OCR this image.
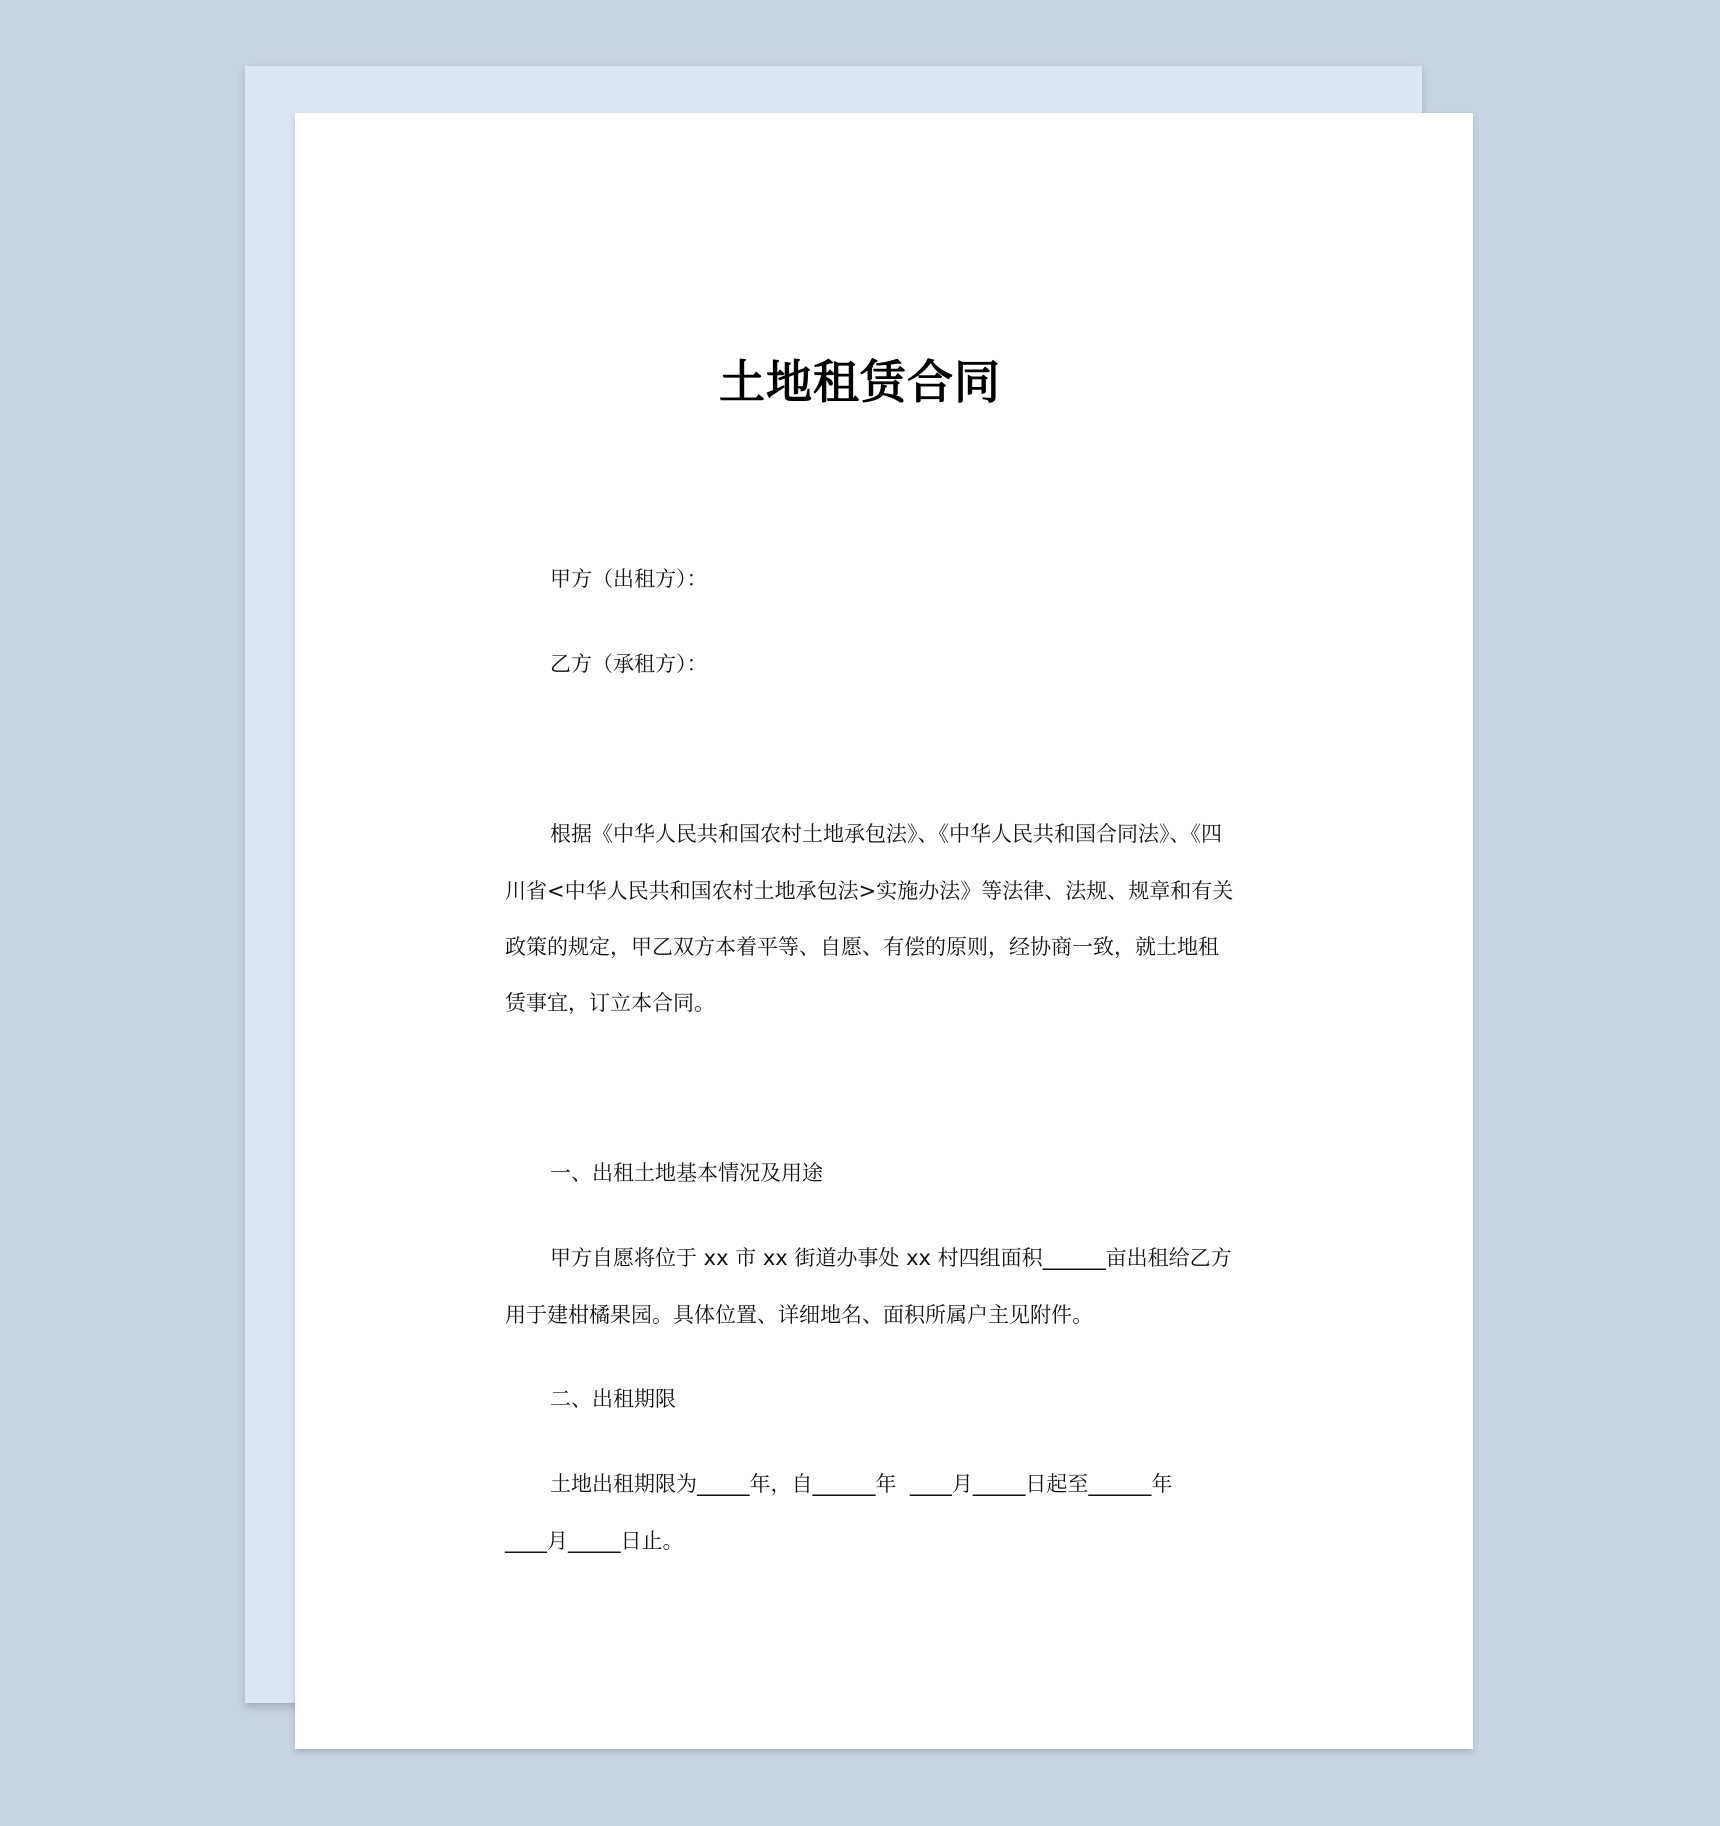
土地租赁合同
甲方（出租方）：
乙方（承租方）：
根据《中华人民共和国农村土地承包法》、《中华人民共和国合同法》、《四
川省<中华人民共和国农村土地承包法>实施办法》等法律、法规、规章和有关
政策的规定，甲乙双方本着平等、自愿、有偿的原则，经协商一致，就土地租
赁事宜，订立本合同。
一、出租土地基本情况及用途
甲方自愿将位于 xx 市 xx 街道办事处 xx 村四组面积______亩出租给乙方
用于建柑橘果园。具体位置、详细地名、面积所属户主见附件。
二、出租期限
土地出租期限为_____年，自______年  ____月_____日起至______年
____月_____日止。
